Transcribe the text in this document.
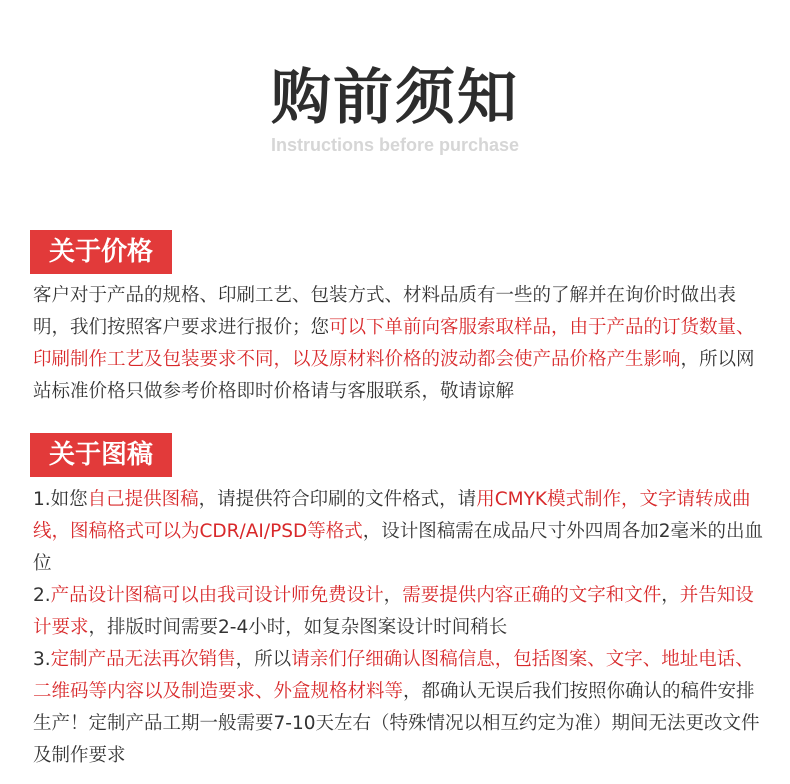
购前须知
Instructions before purchase
关于价格

客户对于产品的规格、印刷工艺、包装方式、材料品质有一些的了解并在询价时做出表明，我们按照客户要求进行报价；您可以下单前向客服索取样品，由于产品的订货数量、印刷制作工艺及包装要求不同，以及原材料价格的波动都会使产品价格产生影响，所以网站标准价格只做参考价格即时价格请与客服联系，敬请谅解

关于图稿
1.如您自己提供图稿，请提供符合印刷的文件格式，请用CMYK模式制作，文字请转成曲线，图稿格式可以为CDR/AI/PSD等格式，设计图稿需在成品尺寸外四周各加2毫米的出血位
2.产品设计图稿可以由我司设计师免费设计，需要提供内容正确的文字和文件，并告知设计要求，排版时间需要2-4小时，如复杂图案设计时间稍长
3.定制产品无法再次销售，所以请亲们仔细确认图稿信息，包括图案、文字、地址电话、二维码等内容以及制造要求、外盒规格材料等，都确认无误后我们按照你确认的稿件安排生产！定制产品工期一般需要7-10天左右（特殊情况以相互约定为准）期间无法更改文件及制作要求
